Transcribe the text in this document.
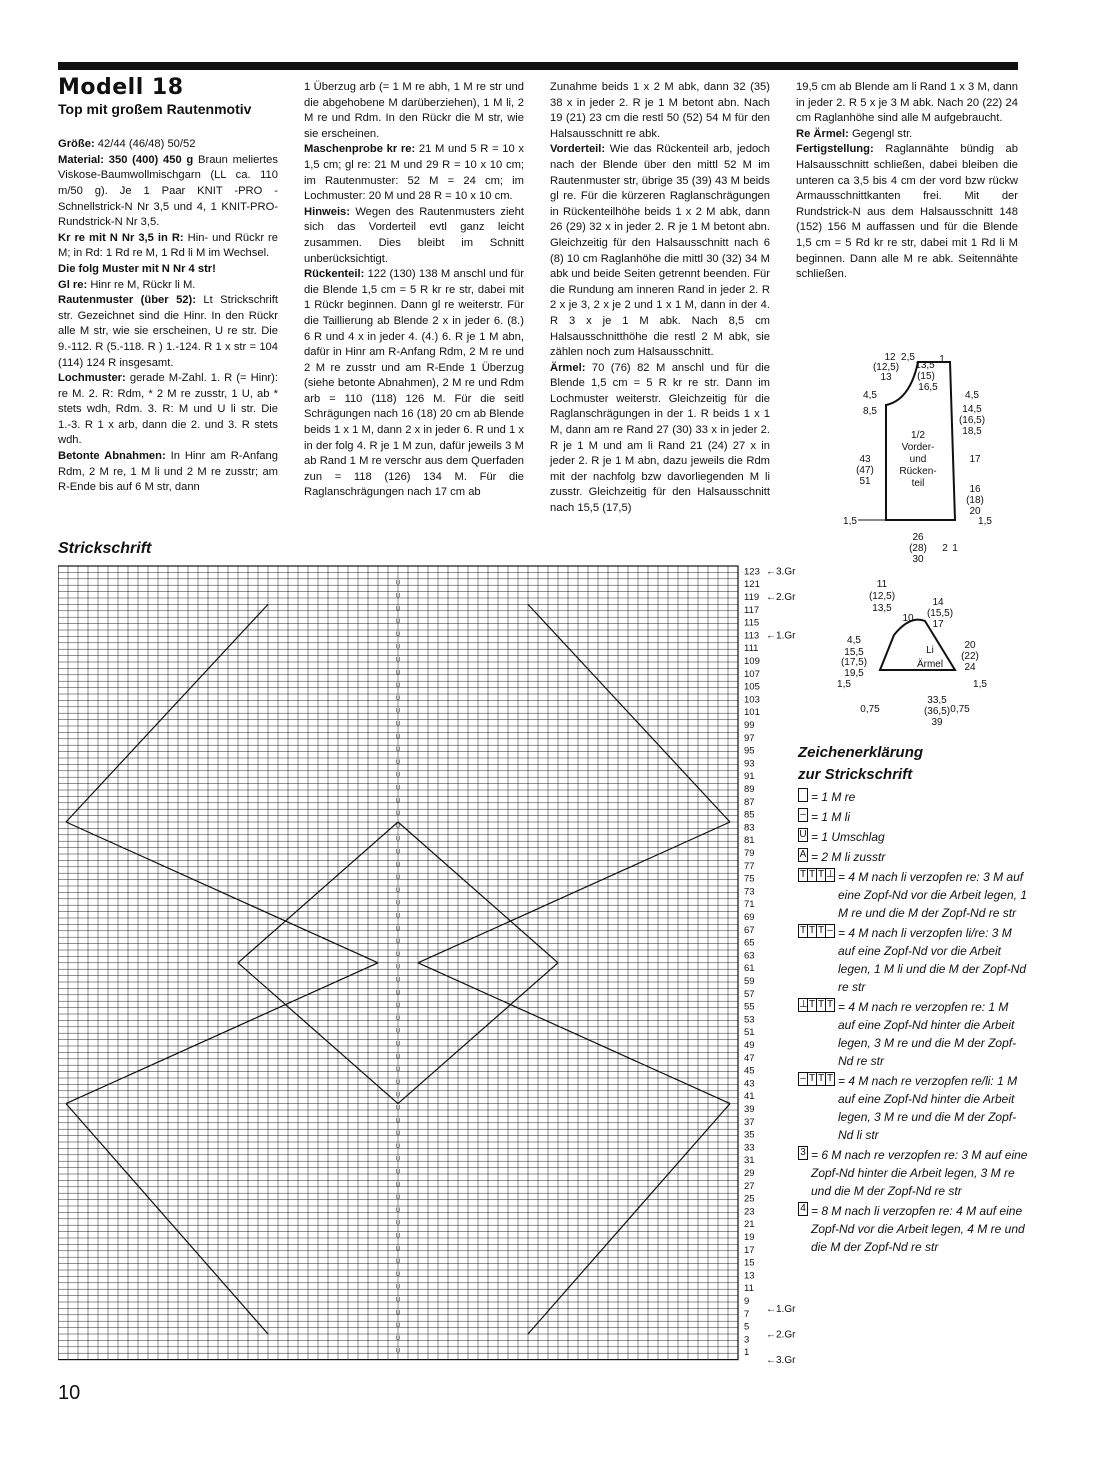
Modell 18
Top mit großem Rautenmotiv

Größe: 42/44 (46/48) 50/52

Material: 350 (400) 450 g Braun meliertes Viskose-Baumwollmischgarn (LL ca. 110 m/50 g). Je 1 Paar KNIT -PRO -Schnellstrick-N Nr 3,5 und 4, 1 KNIT-PRO-Rundstrick-N Nr 3,5.

Kr re mit N Nr 3,5 in R: Hin- und Rückr re M; in Rd: 1 Rd re M, 1 Rd li M im Wechsel.

Die folg Muster mit N Nr 4 str!

Gl re: Hinr re M, Rückr li M.

Rautenmuster (über 52): Lt Strickschrift str. Gezeichnet sind die Hinr. In den Rückr alle M str, wie sie erscheinen, U re str. Die 9.-112. R (5.-118. R ) 1.-124. R 1 x str = 104 (114) 124 R insgesamt.

Lochmuster: gerade M-Zahl. 1. R (= Hinr): re M. 2. R: Rdm, * 2 M re zusstr, 1 U, ab * stets wdh, Rdm. 3. R: M und U li str. Die 1.-3. R 1 x arb, dann die 2. und 3. R stets wdh.

Betonte Abnahmen: In Hinr am R-Anfang Rdm, 2 M re, 1 M li und 2 M re zusstr; am R-Ende bis auf 6 M str, dann

1 Überzug arb (= 1 M re abh, 1 M re str und die abgehobene M darüberziehen), 1 M li, 2 M re und Rdm. In den Rückr die M str, wie sie erscheinen.

Maschenprobe kr re: 21 M und 5 R = 10 x 1,5 cm; gl re: 21 M und 29 R = 10 x 10 cm; im Rautenmuster: 52 M = 24 cm; im Lochmuster: 20 M und 28 R = 10 x 10 cm.

Hinweis: Wegen des Rautenmusters zieht sich das Vorderteil evtl ganz leicht zusammen. Dies bleibt im Schnitt unberücksichtigt.

Rückenteil: 122 (130) 138 M anschl und für die Blende 1,5 cm = 5 R kr re str, dabei mit 1 Rückr beginnen. Dann gl re weiterstr. Für die Taillierung ab Blende 2 x in jeder 6. (8.) 6 R und 4 x in jeder 4. (4.) 6. R je 1 M abn, dafür in Hinr am R-Anfang Rdm, 2 M re und 2 M re zusstr und am R-Ende 1 Überzug (siehe betonte Abnahmen), 2 M re und Rdm arb = 110 (118) 126 M. Für die seitl Schrägungen nach 16 (18) 20 cm ab Blende beids 1 x 1 M, dann 2 x in jeder 6. R und 1 x in der folg 4. R je 1 M zun, dafür jeweils 3 M ab Rand 1 M re verschr aus dem Querfaden zun = 118 (126) 134 M. Für die Raglanschrägungen nach 17 cm ab

Zunahme beids 1 x 2 M abk, dann 32 (35) 38 x in jeder 2. R je 1 M betont abn. Nach 19 (21) 23 cm die restl 50 (52) 54 M für den Halsausschnitt re abk.

Vorderteil: Wie das Rückenteil arb, jedoch nach der Blende über den mittl 52 M im Rautenmuster str, übrige 35 (39) 43 M beids gl re. Für die kürzeren Raglanschrägungen in Rückenteilhöhe beids 1 x 2 M abk, dann 26 (29) 32 x in jeder 2. R je 1 M betont abn. Gleichzeitig für den Halsausschnitt nach 6 (8) 10 cm Raglanhöhe die mittl 30 (32) 34 M abk und beide Seiten getrennt beenden. Für die Rundung am inneren Rand in jeder 2. R 2 x je 3, 2 x je 2 und 1 x 1 M, dann in der 4. R 3 x je 1 M abk. Nach 8,5 cm Halsausschnitthöhe die restl 2 M abk, sie zählen noch zum Halsausschnitt.

Ärmel: 70 (76) 82 M anschl und für die Blende 1,5 cm = 5 R kr re str. Dann im Lochmuster weiterstr. Gleichzeitig für die Raglanschrägungen in der 1. R beids 1 x 1 M, dann am re Rand 27 (30) 33 x in jeder 2. R je 1 M und am li Rand 21 (24) 27 x in jeder 2. R je 1 M abn, dazu jeweils die Rdm mit der nachfolg bzw davorliegenden M li zusstr. Gleichzeitig für den Halsausschnitt nach 15,5 (17,5)

19,5 cm ab Blende am li Rand 1 x 3 M, dann in jeder 2. R 5 x je 3 M abk. Nach 20 (22) 24 cm Raglanhöhe sind alle M aufgebraucht.

Re Ärmel: Gegengl str.

Fertigstellung: Raglannähte bündig ab Halsausschnitt schließen, dabei bleiben die unteren ca 3,5 bis 4 cm der vord bzw rückw Armausschnittkanten frei. Mit der Rundstrick-N aus dem Halsausschnitt 148 (152) 156 M auffassen und für die Blende 1,5 cm = 5 Rd kr re str, dabei mit 1 Rd li M beginnen. Dann alle M re abk. Seitennähte schließen.

12
(12,5)
13
2,5
13,5
(15)
16,5
1
4,5
8,5
4,5
14,5
(16,5)
18,5
43
(47)
51
1/2
Vorder-
und
Rücken-
teil
17
16
(18)
20
1,5	1,5
26
(28)
30
2 1
11
(12,5)
13,5
14
(15,5)
17
10
4,5
15,5
(17,5)
19,5
Li
Ärmel
20
(22)
24
1,5	1,5
33,5
(36,5)
39
0,75	0,75
Strickschrift
U
U
U
U
U
U
U
U
U
U
U
U
U
U
U
U
U
U
U
U
U
U
U
U
U
U
U
U
U
U
U
U
U
U
U
U
U
U
U
U
U
U
U
U
U
U
U
U
U
U
U
U
U
U
U
U
U
U
U
U
U
123
121
119
117
115
113
111
109
107
105
103
101
99
97
95
93
91
89
87
85
83
81
79
77
75
73
71
69
67
65
63
61
59
57
55
53
51
49
47
45
43
41
39
37
35
33
31
29
27
25
23
21
19
17
15
13
11
9
7
5
3
1
←3.Gr
←2.Gr
←1.Gr
←1.Gr
←2.Gr
←3.Gr
Zeichenerklärung
zur Strickschrift
= 1 M re
– = 1 M li
U = 1 Umschlag
A = 2 M li zusstr
T T T ⊥ = 4 M nach li verzopfen re: 3 M auf eine Zopf-Nd vor die Arbeit legen, 1 M re und die M der Zopf-Nd re str
T T T – = 4 M nach li verzopfen li/re: 3 M auf eine Zopf-Nd vor die Arbeit legen, 1 M li und die M der Zopf-Nd re str
⊥ T T T = 4 M nach re verzopfen re: 1 M auf eine Zopf-Nd hinter die Arbeit legen, 3 M re und die M der Zopf-Nd re str
– T T T = 4 M nach re verzopfen re/li: 1 M auf eine Zopf-Nd hinter die Arbeit legen, 3 M re und die M der Zopf-Nd li str
3 = 6 M nach re verzopfen re: 3 M auf eine Zopf-Nd hinter die Arbeit legen, 3 M re und die M der Zopf-Nd re str
4 = 8 M nach li verzopfen re: 4 M auf eine Zopf-Nd vor die Arbeit legen, 4 M re und die M der Zopf-Nd re str
10
